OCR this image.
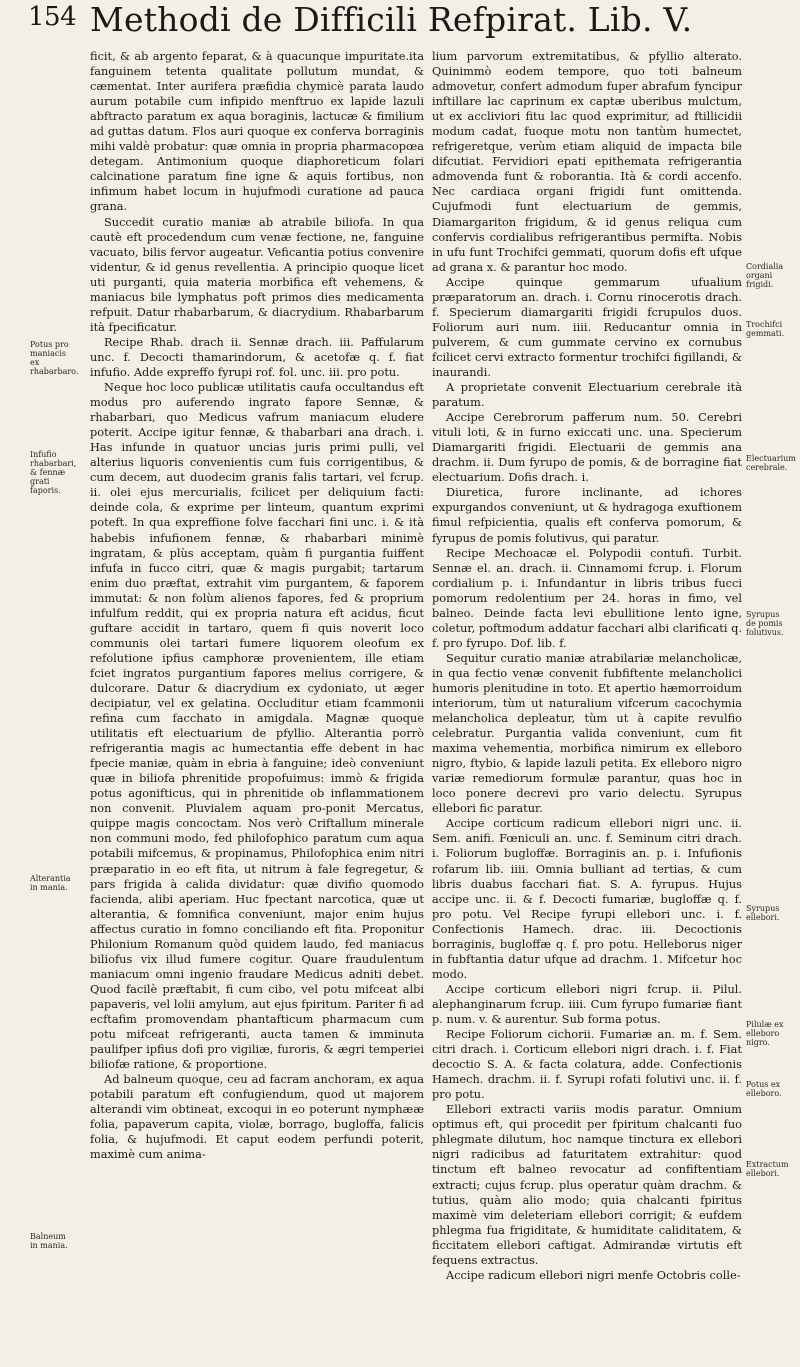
154 Methodi de Difficili Refpirat. Lib. V.

ficit, & ab argento feparat, & à quacunque impuritate.ita fanguinem tetenta qualitate pollutum mundat, & cæmentat. Inter aurifera præfidia chymicè parata laudo aurum potabile cum infipido menftruo ex lapide lazuli abftracto paratum ex aqua boraginis, lactucæ & fimilium ad guttas datum. Flos auri quoque ex conferva borraginis mihi valdè probatur: quæ omnia in propria pharmacopœa detegam. Antimonium quoque diaphoreticum folari calcinatione paratum fine igne & aquis fortibus, non infimum habet locum in hujufmodi curatione ad pauca grana.

Succedit curatio maniæ ab atrabile biliofa. In qua cautè eft procedendum cum venæ fectione, ne, fanguine vacuato, bilis fervor augeatur. Veficantia potius convenire videntur, & id genus revellentia. A principio quoque licet uti purganti, quia materia morbifica eft vehemens, & maniacus bile lymphatus poft primos dies medicamenta refpuit. Datur rhabarbarum, & diacrydium. Rhabarbarum ità fpecificatur.

Recipe Rhab. drach ii. Sennæ drach. iii. Paffularum unc. f. Decocti thamarindorum, & acetofæ q. f. fiat infufio. Adde expreffo fyrupi rof. fol. unc. iii. pro potu.

Neque hoc loco publicæ utilitatis caufa occultandus eft modus pro auferendo ingrato fapore Sennæ, & rhabarbari, quo Medicus vafrum maniacum eludere poterit. Accipe igitur fennæ, & thabarbari ana drach. i. Has infunde in quatuor uncias juris primi pulli, vel alterius liquoris convenientis cum fuis corrigentibus, & cum decem, aut duodecim granis falis tartari, vel fcrup. ii. olei ejus mercurialis, fcilicet per deliquium facti: deinde cola, & exprime per linteum, quantum exprimi poteft. In qua expreffione folve facchari fini unc. i. & ità habebis infufionem fennæ, & rhabarbari minimè ingratam, & plùs acceptam, quàm fi purgantia fuiffent infufa in fucco citri, quæ & magis purgabit; tartarum enim duo præftat, extrahit vim purgantem, & faporem immutat: & non folùm alienos fapores, fed & proprium infulfum reddit, qui ex propria natura eft acidus, ficut guftare accidit in tartaro, quem fi quis noverit loco communis olei tartari fumere liquorem oleofum ex refolutione ipfius camphoræ provenientem, ille etiam fciet ingratos purgantium fapores melius corrigere, & dulcorare. Datur & diacrydium ex cydoniato, ut æger decipiatur, vel ex gelatina. Occluditur etiam fcammonii refina cum facchato in amigdala. Magnæ quoque utilitatis eft electuarium de pfyllio. Alterantia porrò refrigerantia magis ac humectantia effe debent in hac fpecie maniæ, quàm in ebria à fanguine; ideò conveniunt quæ in biliofa phrenitide propofuimus: immò & frigida potus agonifticus, qui in phrenitide ob inflammationem non convenit. Pluvialem aquam pro-ponit Mercatus, quippe magis concoctam. Nos verò Criftallum minerale non communi modo, fed philofophico paratum cum aqua potabili mifcemus, & propinamus, Philofophica enim nitri præparatio in eo eft fita, ut nitrum à fale fegregetur, & pars frigida à calida dividatur: quæ divifio quomodo facienda, alibi aperiam. Huc fpectant narcotica, quæ ut alterantia, & fomnifica conveniunt, major enim hujus affectus curatio in fomno conciliando eft fita. Proponitur Philonium Romanum quòd quidem laudo, fed maniacus biliofus vix illud fumere cogitur. Quare fraudulentum maniacum omni ingenio fraudare Medicus adniti debet. Quod facilè præftabit, fi cum cibo, vel potu mifceat albi papaveris, vel lolii amylum, aut ejus fpiritum. Pariter fi ad ecftafim promovendam phantafticum pharmacum cum potu mifceat refrigeranti, aucta tamen & imminuta paulifper ipfius dofi pro vigiliæ, furoris, & ægri temperiei biliofæ ratione, & proportione.

Ad balneum quoque, ceu ad facram anchoram, ex aqua potabili paratum eft confugiendum, quod ut majorem alterandi vim obtineat, excoqui in eo poterunt nymphææ folia, papaverum capita, violæ, borrago, bugloffa, falicis folia, & hujufmodi. Et caput eodem perfundi poterit, maximè cum anima-

lium parvorum extremitatibus, & pfyllio alterato. Quinimmò eodem tempore, quo toti balneum admovetur, confert admodum fuper abrafum fyncipur inftillare lac caprinum ex captæ uberibus mulctum, ut ex accliviori fitu lac quod exprimitur, ad ftillicidii modum cadat, fuoque motu non tantùm humectet, refrigeretque, verùm etiam aliquid de impacta bile difcutiat. Fervidiori epati epithemata refrigerantia admovenda funt & roborantia. Ità & cordi accenfo. Nec cardiaca organi frigidi funt omittenda. Cujufmodi funt electuarium de gemmis, Diamargariton frigidum, & id genus reliqua cum confervis cordialibus refrigerantibus permifta. Nobis in ufu funt Trochifci gemmati, quorum dofis eft ufque ad grana x. & parantur hoc modo.

Accipe quinque gemmarum ufualium præparatorum an. drach. i. Cornu rinocerotis drach. f. Specierum diamargariti frigidi fcrupulos duos. Foliorum auri num. iiii. Reducantur omnia in pulverem, & cum gummate cervino ex cornubus fcilicet cervi extracto formentur trochifci figillandi, & inaurandi.

A proprietate convenit Electuarium cerebrale ità paratum.

Accipe Cerebrorum pafferum num. 50. Cerebri vituli loti, & in furno exiccati unc. una. Specierum Diamargariti frigidi. Electuarii de gemmis ana drachm. ii. Dum fyrupo de pomis, & de borragine fiat electuarium. Dofis drach. i.

Diuretica, furore inclinante, ad ichores expurgandos conveniunt, ut & hydragoga exuftionem fimul refpicientia, qualis eft conferva pomorum, & fyrupus de pomis folutivus, qui paratur.

Recipe Mechoacæ el. Polypodii contufi. Turbit. Sennæ el. an. drach. ii. Cinnamomi fcrup. i. Florum cordialium p. i. Infundantur in libris tribus fucci pomorum redolentium per 24. horas in fimo, vel balneo. Deinde facta levi ebullitione lento igne, coletur, poftmodum addatur facchari albi clarificati q. f. pro fyrupo. Dof. lib. f.

Sequitur curatio maniæ atrabilariæ melancholicæ, in qua fectio venæ convenit fubfiftente melancholici humoris plenitudine in toto. Et apertio hæmorroidum interiorum, tùm ut naturalium vifcerum cacochymia melancholica depleatur, tùm ut à capite revulfio celebratur. Purgantia valida conveniunt, cum fit maxima vehementia, morbifica nimirum ex elleboro nigro, ftybio, & lapide lazuli petita. Ex elleboro nigro variæ remediorum formulæ parantur, quas hoc in loco ponere decrevi pro vario delectu. Syrupus ellebori fic paratur.

Accipe corticum radicum ellebori nigri unc. ii. Sem. anifi. Fœniculi an. unc. f. Seminum citri drach. i. Foliorum bugloffæ. Borraginis an. p. i. Infufionis rofarum lib. iiii. Omnia bulliant ad tertias, & cum libris duabus facchari fiat. S. A. fyrupus. Hujus accipe unc. ii. & f. Decocti fumariæ, bugloffæ q. f. pro potu. Vel Recipe fyrupi ellebori unc. i. f. Confectionis Hamech. drac. iii. Decoctionis borraginis, bugloffæ q. f. pro potu. Helleborus niger in fubftantia datur ufque ad drachm. 1. Mifcetur hoc modo.

Accipe corticum ellebori nigri fcrup. ii. Pilul. alephanginarum fcrup. iiii. Cum fyrupo fumariæ fiant p. num. v. & aurentur. Sub forma potus.

Recipe Foliorum cichorii. Fumariæ an. m. f. Sem. citri drach. i. Corticum ellebori nigri drach. i. f. Fiat decoctio S. A. & facta colatura, adde. Confectionis Hamech. drachm. ii. f. Syrupi rofati folutivi unc. ii. f. pro potu.

Ellebori extracti variis modis paratur. Omnium optimus eft, qui procedit per fpiritum chalcanti fuo phlegmate dilutum, hoc namque tinctura ex ellebori nigri radicibus ad faturitatem extrahitur: quod tinctum eft balneo revocatur ad confiftentiam extracti; cujus fcrup. plus operatur quàm drachm. & tutius, quàm alio modo; quia chalcanti fpiritus maximè vim deleteriam ellebori corrigit; & eufdem phlegma fua frigiditate, & humiditate caliditatem, & ficcitatem ellebori caftigat. Admirandæ virtutis eft fequens extractus.

Accipe radicum ellebori nigri menfe Octobris colle-

Potus pro maniacis ex rhabarbaro.
Infufio rhabarbari, & fennæ grati faporis.
Alterantia in mania.
Balneum in mania.
Cordialia organi frigidi.
Trochifci gemmati.
Electuarium cerebrale.
Syrupus de pomis folutivus.
Syrupus ellebori.
Pilulæ ex elleboro nigro.
Potus ex elleboro.
Extractum ellebori.
